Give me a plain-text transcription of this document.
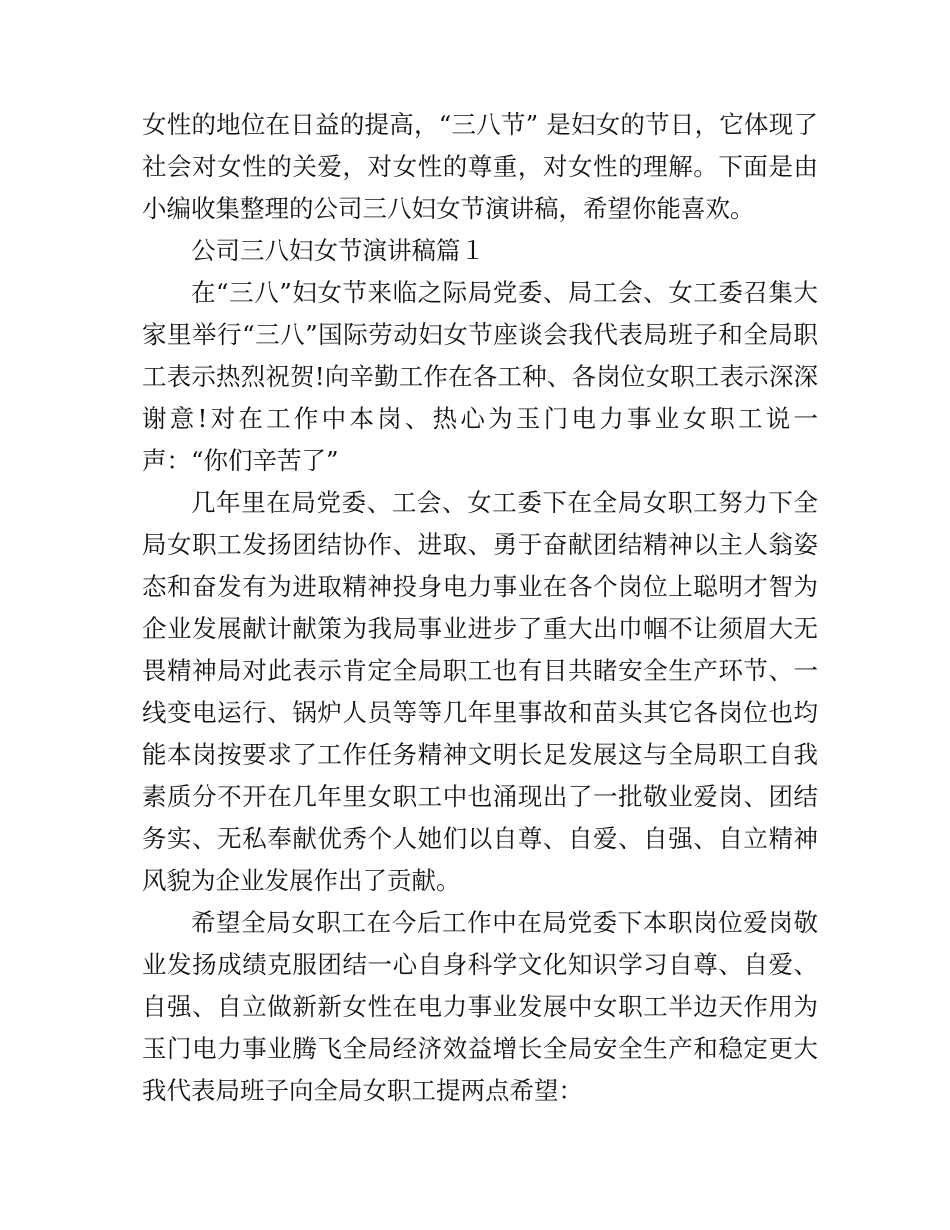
女性的地位在日益的提高，“三八节” 是妇女的节日，它体现了社会对女性的关爱，对女性的尊重，对女性的理解。下面是由小编收集整理的公司三八妇女节演讲稿，希望你能喜欢。

公司三八妇女节演讲稿篇１

在“三八”妇女节来临之际局党委、局工会、女工委召集大家里举行“三八”国际劳动妇女节座谈会我代表局班子和全局职工表示热烈祝贺!向辛勤工作在各工种、各岗位女职工表示深深谢意!对在工作中本岗、热心为玉门电力事业女职工说一声：“你们辛苦了”

几年里在局党委、工会、女工委下在全局女职工努力下全局女职工发扬团结协作、进取、勇于奋献团结精神以主人翁姿态和奋发有为进取精神投身电力事业在各个岗位上聪明才智为企业发展献计献策为我局事业进步了重大出巾帼不让须眉大无畏精神局对此表示肯定全局职工也有目共睹安全生产环节、一线变电运行、锅炉人员等等几年里事故和苗头其它各岗位也均能本岗按要求了工作任务精神文明长足发展这与全局职工自我素质分不开在几年里女职工中也涌现出了一批敬业爱岗、团结务实、无私奉献优秀个人她们以自尊、自爱、自强、自立精神风貌为企业发展作出了贡献。

希望全局女职工在今后工作中在局党委下本职岗位爱岗敬业发扬成绩克服团结一心自身科学文化知识学习自尊、自爱、自强、自立做新新女性在电力事业发展中女职工半边天作用为玉门电力事业腾飞全局经济效益增长全局安全生产和稳定更大我代表局班子向全局女职工提两点希望：
